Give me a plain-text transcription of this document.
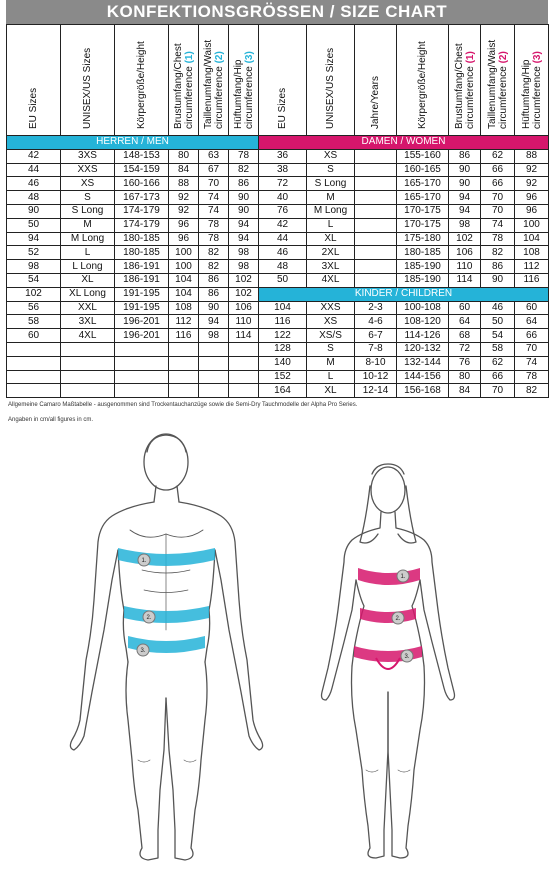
KONFEKTIONSGRÖSSEN / SIZE CHART
EU Sizes	UNISEX/US Sizes	Körpergröße/Height	Brustumfang/Chest circumference (1)	Taillenumfang/Waist circumference (2)	Hüftumfang/Hip circumference (3)
HERREN / MEN					
42	3XS	148-153	80	63	78
44	XXS	154-159	84	67	82
46	XS	160-166	88	70	86
48	S	167-173	92	74	90
90	S Long	174-179	92	74	90
50	M	174-179	96	78	94
94	M Long	180-185	96	78	94
52	L	180-185	100	82	98
98	L Long	186-191	100	82	98
54	XL	186-191	104	86	102
102	XL Long	191-195	104	86	102
56	XXL	191-195	108	90	106
58	3XL	196-201	112	94	110
60	4XL	196-201	116	98	114

EU Sizes	UNISEX/US Sizes	Jahre/Years	Körpergröße/Height	Brustumfang/Chest circumference (1)	Taillenumfang/Waist circumference (2)	Hüftumfang/Hip circumference (3)
DAMEN / WOMEN						
36	XS		155-160	86	62	88
38	S		160-165	90	66	92
72	S Long		165-170	90	66	92
40	M		165-170	94	70	96
76	M Long		170-175	94	70	96
42	L		170-175	98	74	100
44	XL		175-180	102	78	104
46	2XL		180-185	106	82	108
48	3XL		185-190	110	86	112
50	4XL		185-190	114	90	116
KINDER / CHILDREN						
104	XXS	2-3	100-108	60	46	60
116	XS	4-6	108-120	64	50	64
122	XS/S	6-7	114-126	68	54	66
128	S	7-8	120-132	72	58	70
140	M	8-10	132-144	76	62	74
152	L	10-12	144-156	80	66	78
164	XL	12-14	156-168	84	70	82
Allgemeine Camaro Maßtabelle - ausgenommen sind Trockentauchanzüge sowie die Semi-Dry Tauchmodelle der Alpha Pro Series.
Angaben in cm/all figures in cm.
1.
2.
3.
1.
2.
3.
